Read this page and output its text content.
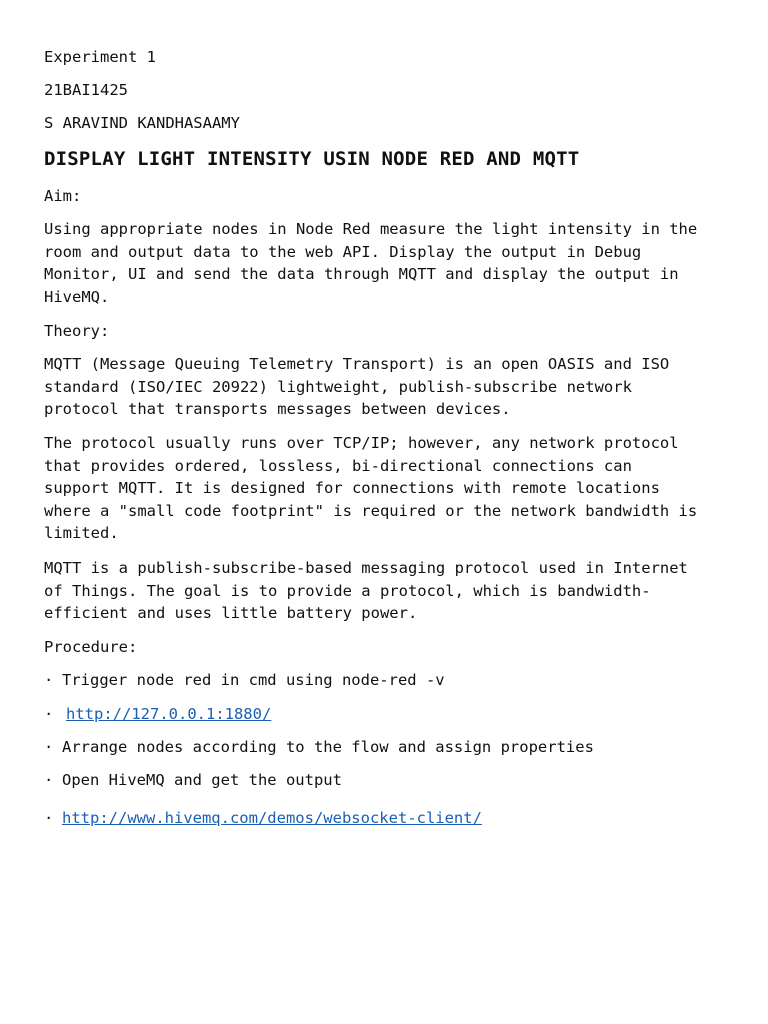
Experiment 1
21BAI1425
S ARAVIND KANDHASAAMY
DISPLAY LIGHT INTENSITY USIN NODE RED AND MQTT
Aim:
Using appropriate nodes in Node Red measure the light intensity in the
room and output data to the web API. Display the output in Debug
Monitor, UI and send the data through MQTT and display the output in
HiveMQ.
Theory:
MQTT (Message Queuing Telemetry Transport) is an open OASIS and ISO
standard (ISO/IEC 20922) lightweight, publish-subscribe network
protocol that transports messages between devices.
The protocol usually runs over TCP/IP; however, any network protocol
that provides ordered, lossless, bi-directional connections can
support MQTT. It is designed for connections with remote locations
where a "small code footprint" is required or the network bandwidth is
limited.
MQTT is a publish-subscribe-based messaging protocol used in Internet
of Things. The goal is to provide a protocol, which is bandwidth-
efficient and uses little battery power.
Procedure:
· Trigger node red in cmd using node-red -v
· http://127.0.0.1:1880/
· Arrange nodes according to the flow and assign properties
· Open HiveMQ and get the output
· http://www.hivemq.com/demos/websocket-client/
